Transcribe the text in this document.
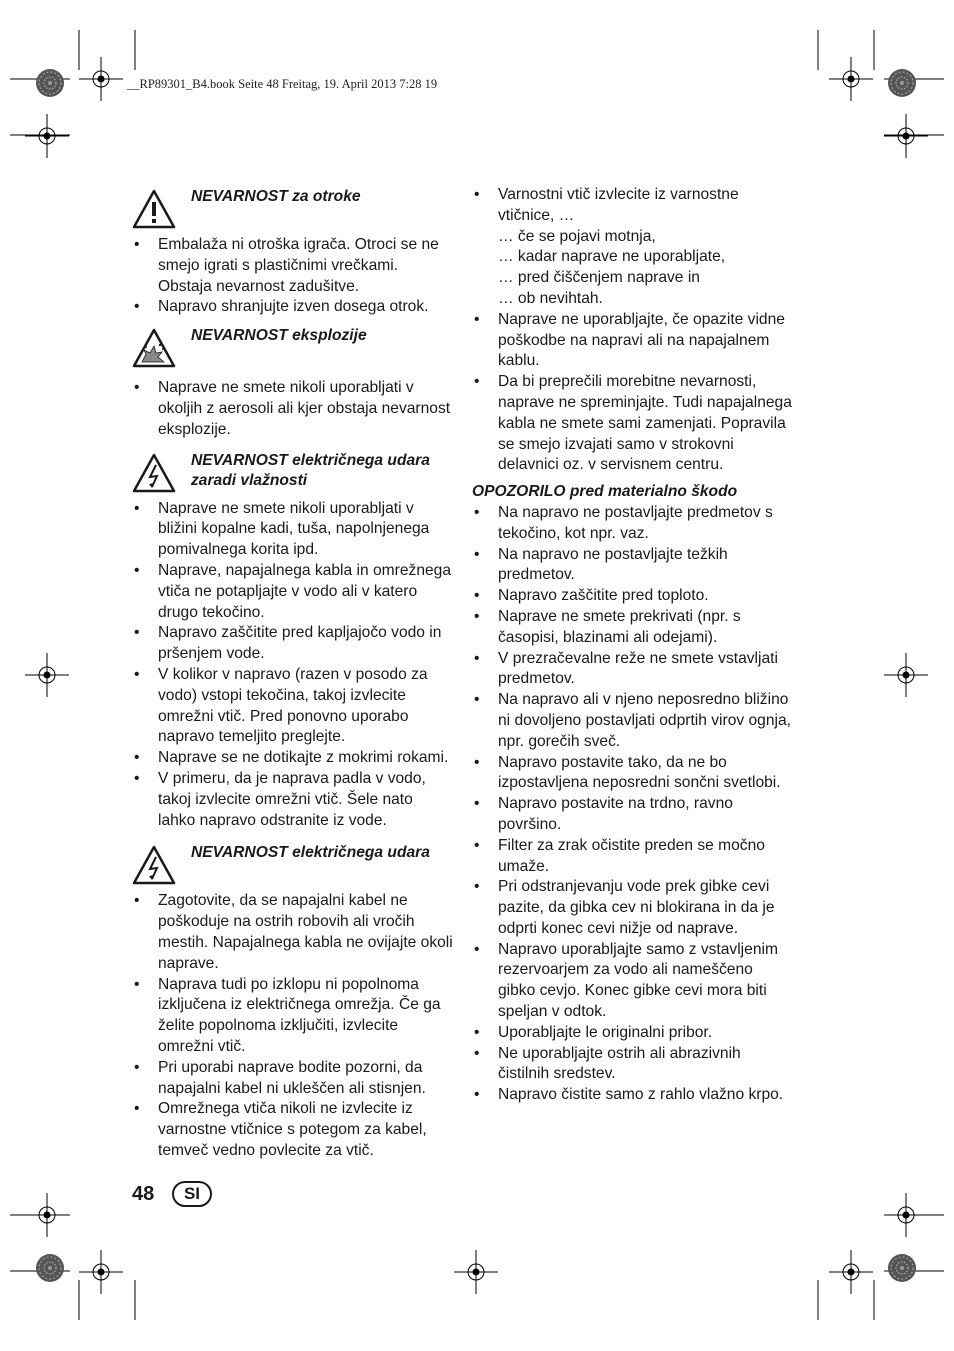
__RP89301_B4.book Seite 48 Freitag, 19. April 2013 7:28 19
NEVARNOST za otroke
• Embalaža ni otroška igrača. Otroci se ne smejo igrati s plastičnimi vrečkami. Obstaja nevarnost zadušitve.
• Napravo shranjujte izven dosega otrok.
NEVARNOST eksplozije
• Naprave ne smete nikoli uporabljati v okoljih z aerosoli ali kjer obstaja nevarnost eksplozije.
NEVARNOST električnega udara zaradi vlažnosti
• Naprave ne smete nikoli uporabljati v bližini kopalne kadi, tuša, napolnjenega pomivalnega korita ipd.
• Naprave, napajalnega kabla in omrežnega vtiča ne potapljajte v vodo ali v katero drugo tekočino.
• Napravo zaščitite pred kapljajočo vodo in pršenjem vode.
• V kolikor v napravo (razen v posodo za vodo) vstopi tekočina, takoj izvlecite omrežni vtič. Pred ponovno uporabo napravo temeljito preglejte.
• Naprave se ne dotikajte z mokrimi rokami.
• V primeru, da je naprava padla v vodo, takoj izvlecite omrežni vtič. Šele nato lahko napravo odstranite iz vode.
NEVARNOST električnega udara
• Zagotovite, da se napajalni kabel ne poškoduje na ostrih robovih ali vročih mestih. Napajalnega kabla ne ovijajte okoli naprave.
• Naprava tudi po izklopu ni popolnoma izključena iz električnega omrežja. Če ga želite popolnoma izključiti, izvlecite omrežni vtič.
• Pri uporabi naprave bodite pozorni, da napajalni kabel ni ukleščen ali stisnjen.
• Omrežnega vtiča nikoli ne izvlecite iz varnostne vtičnice s potegom za kabel, temveč vedno povlecite za vtič.
• Varnostni vtič izvlecite iz varnostne vtičnice, …
… če se pojavi motnja,
… kadar naprave ne uporabljate,
… pred čiščenjem naprave in
… ob nevihtah.
• Naprave ne uporabljajte, če opazite vidne poškodbe na napravi ali na napajalnem kablu.
• Da bi preprečili morebitne nevarnosti, naprave ne spreminjajte. Tudi napajalnega kabla ne smete sami zamenjati. Popravila se smejo izvajati samo v strokovni delavnici oz. v servisnem centru.
OPOZORILO pred materialno škodo
• Na napravo ne postavljajte predmetov s tekočino, kot npr. vaz.
• Na napravo ne postavljajte težkih predmetov.
• Napravo zaščitite pred toploto.
• Naprave ne smete prekrivati (npr. s časopisi, blazinami ali odejami).
• V prezračevalne reže ne smete vstavljati predmetov.
• Na napravo ali v njeno neposredno bližino ni dovoljeno postavljati odprtih virov ognja, npr. gorečih sveč.
• Napravo postavite tako, da ne bo izpostavljena neposredni sončni svetlobi.
• Napravo postavite na trdno, ravno površino.
• Filter za zrak očistite preden se močno umaže.
• Pri odstranjevanju vode prek gibke cevi pazite, da gibka cev ni blokirana in da je odprti konec cevi nižje od naprave.
• Napravo uporabljajte samo z vstavljenim rezervoarjem za vodo ali nameščeno gibko cevjo. Konec gibke cevi mora biti speljan v odtok.
• Uporabljajte le originalni pribor.
• Ne uporabljajte ostrih ali abrazivnih čistilnih sredstev.
• Napravo čistite samo z rahlo vlažno krpo.
48	SI
